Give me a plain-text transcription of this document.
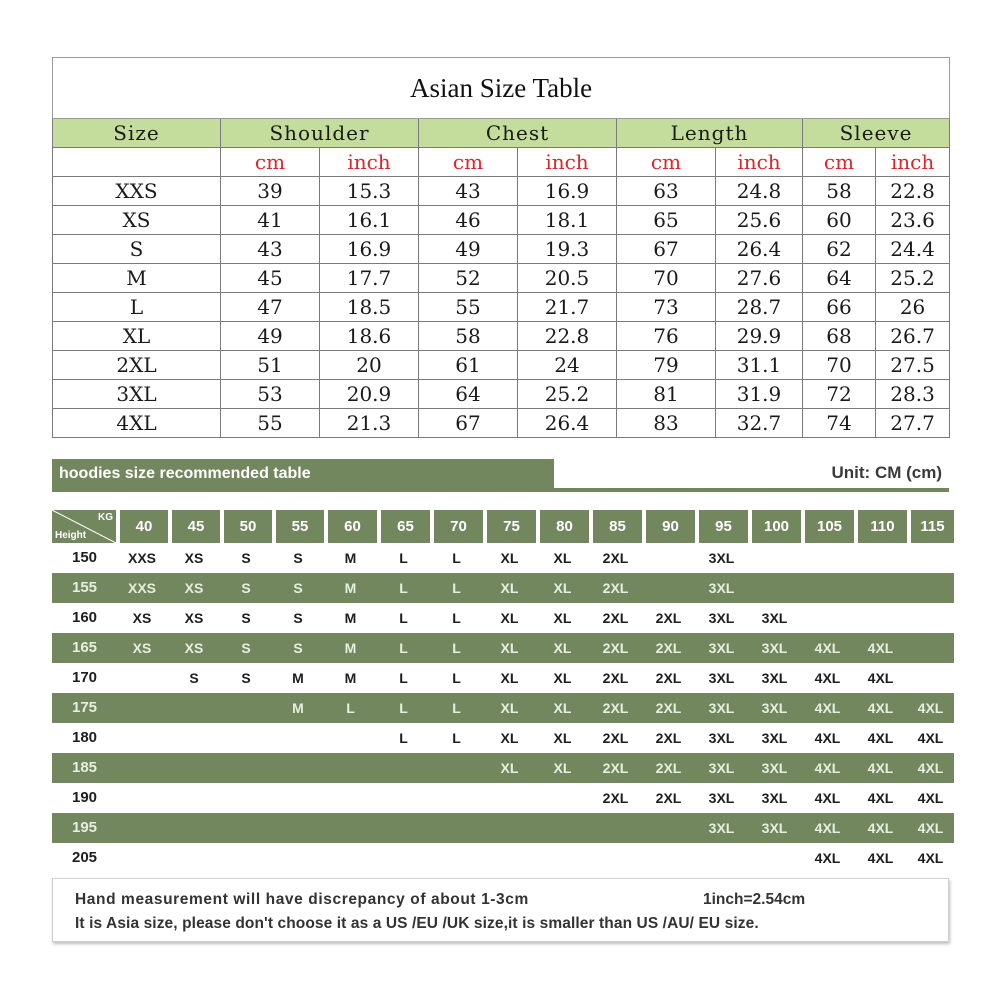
Asian Size Table								
Size	Shoulder		Chest		Length		Sleeve	
	cm	inch	cm	inch	cm	inch	cm	inch
XXS	39	15.3	43	16.9	63	24.8	58	22.8
XS	41	16.1	46	18.1	65	25.6	60	23.6
S	43	16.9	49	19.3	67	26.4	62	24.4
M	45	17.7	52	20.5	70	27.6	64	25.2
L	47	18.5	55	21.7	73	28.7	66	26
XL	49	18.6	58	22.8	76	29.9	68	26.7
2XL	51	20	61	24	79	31.1	70	27.5
3XL	53	20.9	64	25.2	81	31.9	72	28.3
4XL	55	21.3	67	26.4	83	32.7	74	27.7
hoodies size recommended table	Unit: CM (cm)
KG
Height	40	45	50	55	60	65	70	75	80	85	90	95	100	105	110	115
150	XXS	XS	S	S	M	L	L	XL	XL	2XL		3XL				
155	XXS	XS	S	S	M	L	L	XL	XL	2XL		3XL				
160	XS	XS	S	S	M	L	L	XL	XL	2XL	2XL	3XL	3XL			
165	XS	XS	S	S	M	L	L	XL	XL	2XL	2XL	3XL	3XL	4XL	4XL	
170		S	S	M	M	L	L	XL	XL	2XL	2XL	3XL	3XL	4XL	4XL	
175				M	L	L	L	XL	XL	2XL	2XL	3XL	3XL	4XL	4XL	4XL
180						L	L	XL	XL	2XL	2XL	3XL	3XL	4XL	4XL	4XL
185								XL	XL	2XL	2XL	3XL	3XL	4XL	4XL	4XL
190										2XL	2XL	3XL	3XL	4XL	4XL	4XL
195												3XL	3XL	4XL	4XL	4XL
205														4XL	4XL	4XL
Hand measurement will have discrepancy of about 1-3cm	1inch=2.54cm
It is Asia size, please don't choose it as a US /EU /UK size,it is smaller than US /AU/ EU size.
